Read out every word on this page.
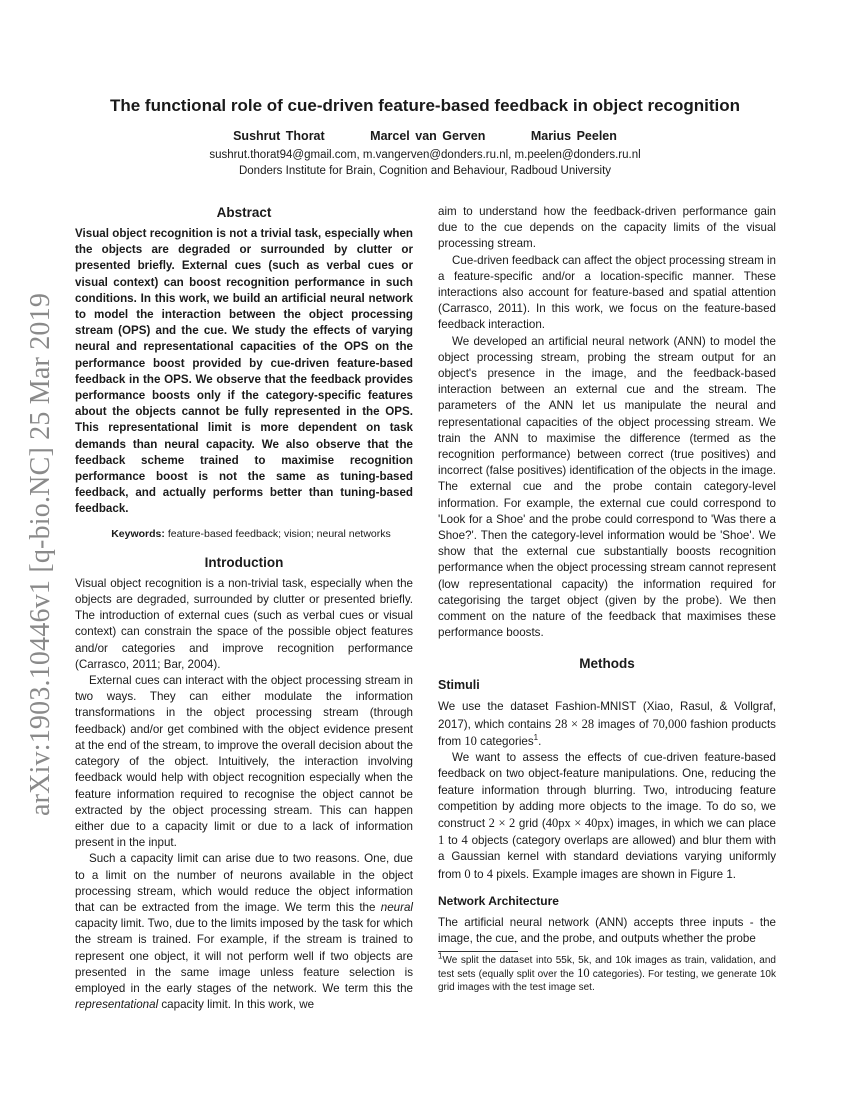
arXiv:1903.10446v1 [q-bio.NC] 25 Mar 2019
The functional role of cue-driven feature-based feedback in object recognition
Sushrut Thorat	Marcel van Gerven	Marius Peelen
sushrut.thorat94@gmail.com, m.vangerven@donders.ru.nl, m.peelen@donders.ru.nl
Donders Institute for Brain, Cognition and Behaviour, Radboud University
Abstract

Visual object recognition is not a trivial task, especially when the objects are degraded or surrounded by clutter or presented briefly. External cues (such as verbal cues or visual context) can boost recognition performance in such conditions. In this work, we build an artificial neural network to model the interaction between the object processing stream (OPS) and the cue. We study the effects of varying neural and representational capacities of the OPS on the performance boost provided by cue-driven feature-based feedback in the OPS. We observe that the feedback provides performance boosts only if the category-specific features about the objects cannot be fully represented in the OPS. This representational limit is more dependent on task demands than neural capacity. We also observe that the feedback scheme trained to maximise recognition performance boost is not the same as tuning-based feedback, and actually performs better than tuning-based feedback.

Keywords: feature-based feedback; vision; neural networks

Introduction

Visual object recognition is a non-trivial task, especially when the objects are degraded, surrounded by clutter or presented briefly. The introduction of external cues (such as verbal cues or visual context) can constrain the space of the possible object features and/or categories and improve recognition performance (Carrasco, 2011; Bar, 2004).

External cues can interact with the object processing stream in two ways. They can either modulate the information transformations in the object processing stream (through feedback) and/or get combined with the object evidence present at the end of the stream, to improve the overall decision about the category of the object. Intuitively, the interaction involving feedback would help with object recognition especially when the feature information required to recognise the object cannot be extracted by the object processing stream. This can happen either due to a capacity limit or due to a lack of information present in the input.

Such a capacity limit can arise due to two reasons. One, due to a limit on the number of neurons available in the object processing stream, which would reduce the object information that can be extracted from the image. We term this the neural capacity limit. Two, due to the limits imposed by the task for which the stream is trained. For example, if the stream is trained to represent one object, it will not perform well if two objects are presented in the same image unless feature selection is employed in the early stages of the network. We term this the representational capacity limit. In this work, we

aim to understand how the feedback-driven performance gain due to the cue depends on the capacity limits of the visual processing stream.

Cue-driven feedback can affect the object processing stream in a feature-specific and/or a location-specific manner. These interactions also account for feature-based and spatial attention (Carrasco, 2011). In this work, we focus on the feature-based feedback interaction.

We developed an artificial neural network (ANN) to model the object processing stream, probing the stream output for an object's presence in the image, and the feedback-based interaction between an external cue and the stream. The parameters of the ANN let us manipulate the neural and representational capacities of the object processing stream. We train the ANN to maximise the difference (termed as the recognition performance) between correct (true positives) and incorrect (false positives) identification of the objects in the image. The external cue and the probe contain category-level information. For example, the external cue could correspond to 'Look for a Shoe' and the probe could correspond to 'Was there a Shoe?'. Then the category-level information would be 'Shoe'. We show that the external cue substantially boosts recognition performance when the object processing stream cannot represent (low representational capacity) the information required for categorising the target object (given by the probe). We then comment on the nature of the feedback that maximises these performance boosts.

Methods
Stimuli

We use the dataset Fashion-MNIST (Xiao, Rasul, & Vollgraf, 2017), which contains 28 × 28 images of 70,000 fashion products from 10 categories$^1$.

We want to assess the effects of cue-driven feature-based feedback on two object-feature manipulations. One, reducing the feature information through blurring. Two, introducing feature competition by adding more objects to the image. To do so, we construct 2 × 2 grid (40px × 40px) images, in which we can place 1 to 4 objects (category overlaps are allowed) and blur them with a Gaussian kernel with standard deviations varying uniformly from 0 to 4 pixels. Example images are shown in Figure 1.

Network Architecture

The artificial neural network (ANN) accepts three inputs - the image, the cue, and the probe, and outputs whether the probe

$^1$We split the dataset into 55k, 5k, and 10k images as train, validation, and test sets (equally split over the 10 categories). For testing, we generate 10k grid images with the test image set.
